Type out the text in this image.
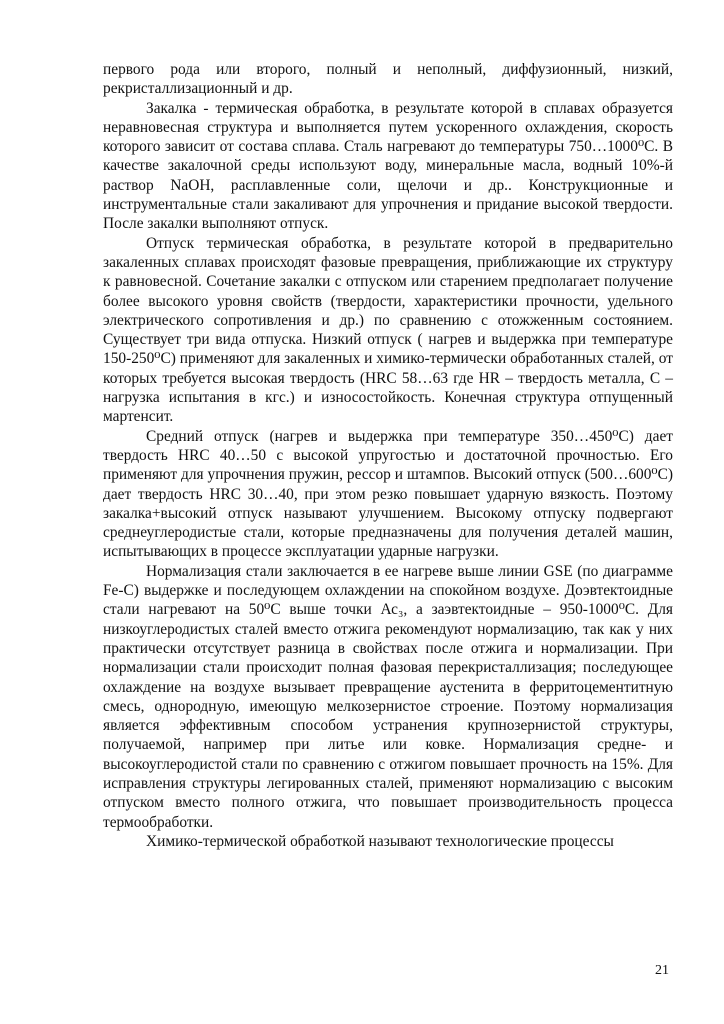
первого рода или второго, полный и неполный, диффузионный, низкий, рекристаллизационный и др.

Закалка - термическая обработка, в результате которой в сплавах образуется неравновесная структура и выполняется путем ускоренного охлаждения, скорость которого зависит от состава сплава. Сталь нагревают до температуры 750…1000⁰С. В качестве закалочной среды используют воду, минеральные масла, водный 10%-й раствор NaOH, расплавленные соли, щелочи и др.. Конструкционные и инструментальные стали закаливают для упрочнения и придание высокой твердости. После закалки выполняют отпуск.

Отпуск термическая обработка, в результате которой в предварительно закаленных сплавах происходят фазовые превращения, приближающие их структуру к равновесной. Сочетание закалки с отпуском или старением предполагает получение более высокого уровня свойств (твердости, характеристики прочности, удельного электрического сопротивления и др.) по сравнению с отожженным состоянием. Существует три вида отпуска. Низкий отпуск ( нагрев и выдержка при температуре 150-250⁰С) применяют для закаленных и химико-термически обработанных сталей, от которых требуется высокая твердость (HRC 58…63 где HR – твердость металла, С – нагрузка испытания в кгс.) и износостойкость. Конечная структура отпущенный мартенсит.

Средний отпуск (нагрев и выдержка при температуре 350…450⁰С) дает твердость HRC 40…50 с высокой упругостью и достаточной прочностью. Его применяют для упрочнения пружин, рессор и штампов. Высокий отпуск (500…600⁰С) дает твердость HRC 30…40, при этом резко повышает ударную вязкость. Поэтому закалка+высокий отпуск называют улучшением. Высокому отпуску подвергают среднеуглеродистые стали, которые предназначены для получения деталей машин, испытывающих в процессе эксплуатации ударные нагрузки.

Нормализация стали заключается в ее нагреве выше линии GSE (по диаграмме Fe-C) выдержке и последующем охлаждении на спокойном воздухе. Доэвтектоидные стали нагревают на 50⁰С выше точки Ас₃, а заэвтектоидные – 950-1000⁰С. Для низкоуглеродистых сталей вместо отжига рекомендуют нормализацию, так как у них практически отсутствует разница в свойствах после отжига и нормализации. При нормализации стали происходит полная фазовая перекристаллизация; последующее охлаждение на воздухе вызывает превращение аустенита в ферритоцементитную смесь, однородную, имеющую мелкозернистое строение. Поэтому нормализация является эффективным способом устранения крупнозернистой структуры, получаемой, например при литье или ковке. Нормализация средне- и высокоуглеродистой стали по сравнению с отжигом повышает прочность на 15%. Для исправления структуры легированных сталей, применяют нормализацию с высоким отпуском вместо полного отжига, что повышает производительность процесса термообработки.

Химико-термической обработкой называют технологические процессы

21
